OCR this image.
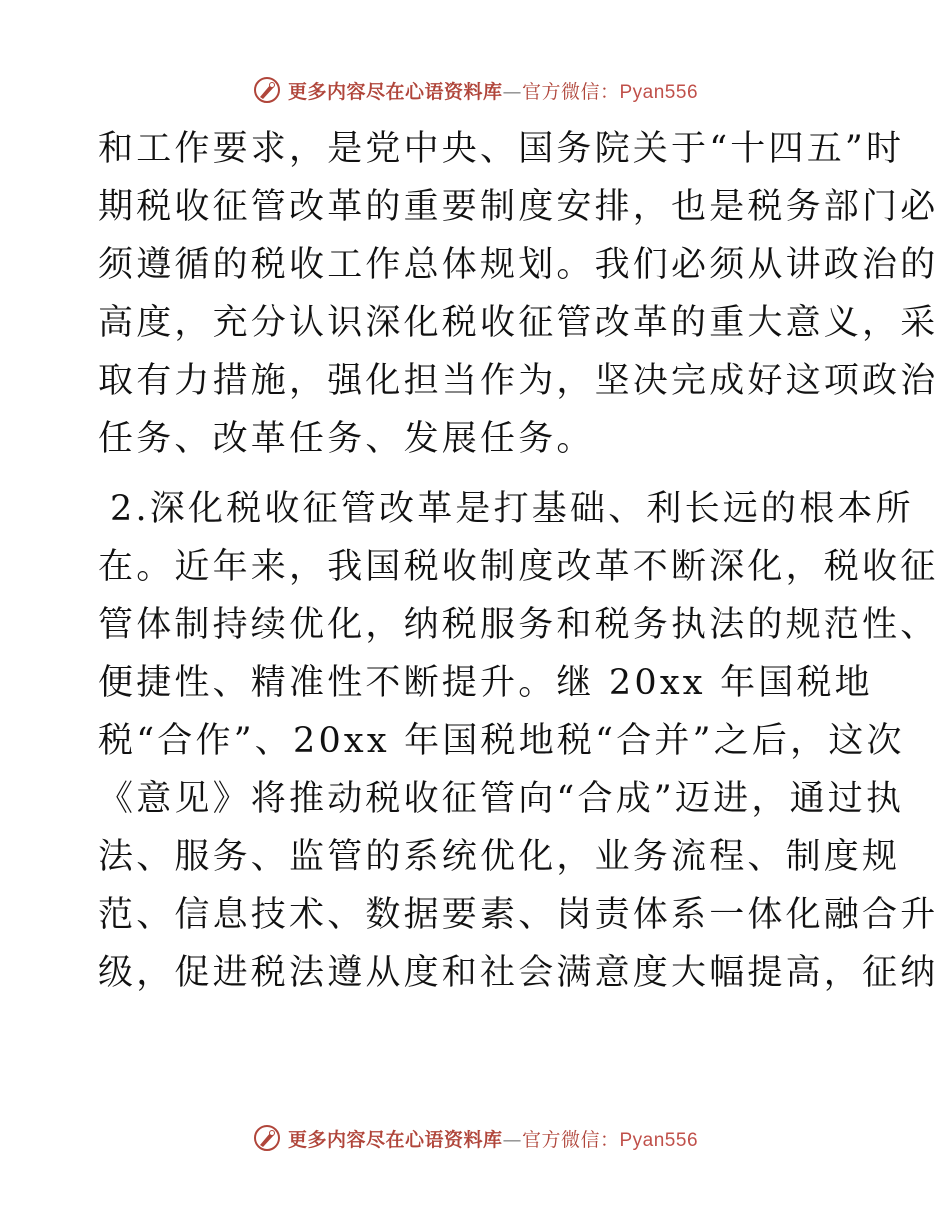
更多内容尽在心语资料库—官方微信：Pyan556
和工作要求，是党中央、国务院关于“十四五”时
期税收征管改革的重要制度安排，也是税务部门必
须遵循的税收工作总体规划。我们必须从讲政治的
高度，充分认识深化税收征管改革的重大意义，采
取有力措施，强化担当作为，坚决完成好这项政治
任务、改革任务、发展任务。
2.深化税收征管改革是打基础、利长远的根本所
在。近年来，我国税收制度改革不断深化，税收征
管体制持续优化，纳税服务和税务执法的规范性、
便捷性、精准性不断提升。继 20xx 年国税地
税“合作”、20xx 年国税地税“合并”之后，这次
《意见》将推动税收征管向“合成”迈进，通过执
法、服务、监管的系统优化，业务流程、制度规
范、信息技术、数据要素、岗责体系一体化融合升
级，促进税法遵从度和社会满意度大幅提高，征纳
更多内容尽在心语资料库—官方微信：Pyan556
